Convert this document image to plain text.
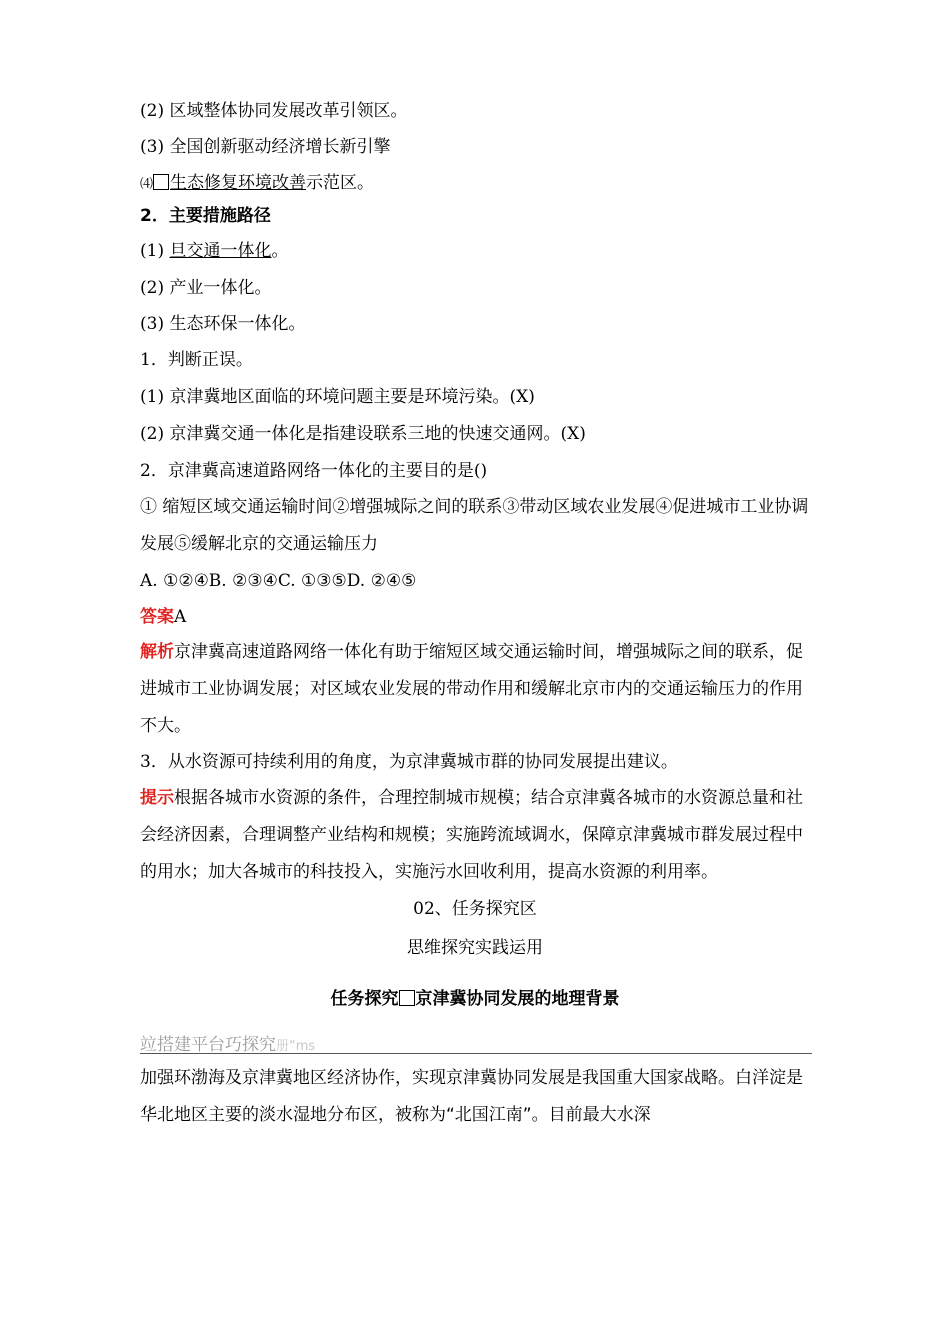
(2) 区域整体协同发展改革引领区。
(3) 全国创新驱动经济增长新引擎
⑷ 生态修复环境改善示范区。
2．主要措施路径
(1) 旦交通一体化。
(2) 产业一体化。
(3) 生态环保一体化。
1．判断正误。
(1) 京津冀地区面临的环境问题主要是环境污染。(X)
(2) 京津冀交通一体化是指建设联系三地的快速交通网。(X)
2．京津冀高速道路网络一体化的主要目的是()
① 缩短区域交通运输时间②增强城际之间的联系③带动区域农业发展④促进城市工业协调发展⑤缓解北京的交通运输压力
A. ①②④B. ②③④C. ①③⑤D. ②④⑤
答案A
解析京津冀高速道路网络一体化有助于缩短区域交通运输时间，增强城际之间的联系，促进城市工业协调发展；对区域农业发展的带动作用和缓解北京市内的交通运输压力的作用不大。
3．从水资源可持续利用的角度，为京津冀城市群的协同发展提出建议。
提示根据各城市水资源的条件，合理控制城市规模；结合京津冀各城市的水资源总量和社会经济因素，合理调整产业结构和规模；实施跨流域调水，保障京津冀城市群发展过程中的用水；加大各城市的科技投入，实施污水回收利用，提高水资源的利用率。
02、任务探究区
思维探究实践运用
任务探究 京津冀协同发展的地理背景
竝搭建平台巧探究册“ms
加强环渤海及京津冀地区经济协作，实现京津冀协同发展是我国重大国家战略。白洋淀是华北地区主要的淡水湿地分布区，被称为“北国江南”。目前最大水深
